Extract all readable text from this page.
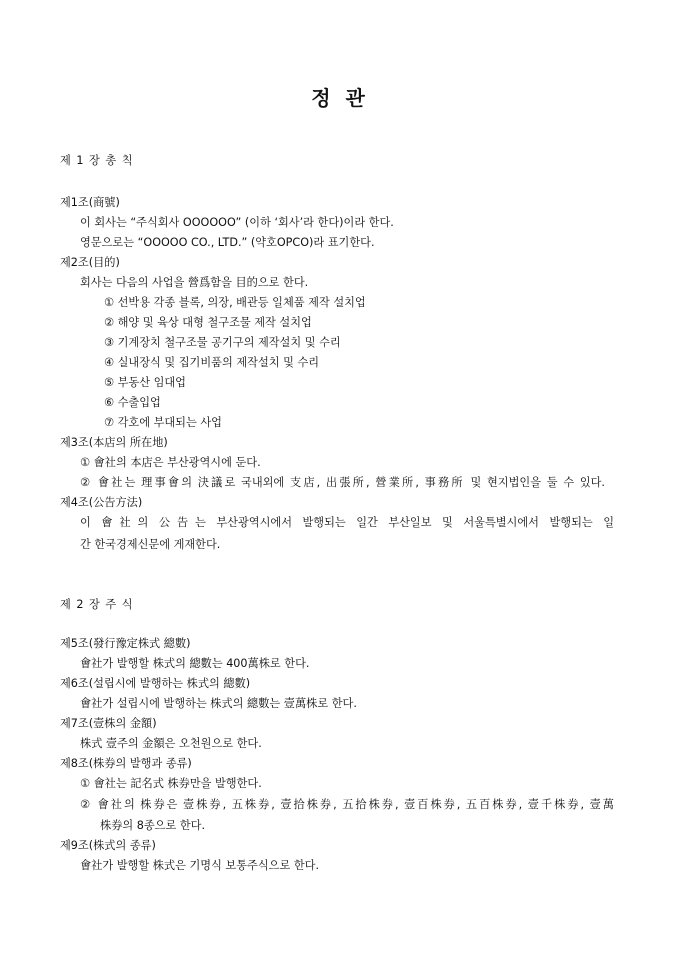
정 관
제 1 장 총 칙
제1조(商號)
이 회사는 “주식회사 OOOOOO” (이하 ‘회사’라 한다)이라 한다.
영문으로는 “OOOOO CO., LTD.” (약호OPCO)라 표기한다.
제2조(目的)
회사는 다음의 사업을 營爲함을 目的으로 한다.
① 선박용 각종 블록, 의장, 배관등 일체품 제작 설치업
② 해양 및 육상 대형 철구조물 제작 설치업
③ 기계장치 철구조물 공기구의 제작설치 및 수리
④ 실내장식 및 집기비품의 제작설치 및 수리
⑤ 부동산 임대업
⑥ 수출입업
⑦ 각호에 부대되는 사업
제3조(本店의 所在地)
① 會社의 本店은 부산광역시에 둔다.
② 會社는 理事會의 決議로 국내외에 支店, 出張所, 營業所, 事務所 및 현지법인을 둘 수 있다.
제4조(公告方法)
이 會社의 公告는 부산광역시에서 발행되는 일간 부산일보 및 서울특별시에서 발행되는 일
간 한국경제신문에 게재한다.
제 2 장 주 식
제5조(發行豫定株式 總數)
會社가 발행할 株式의 總數는 400萬株로 한다.
제6조(설립시에 발행하는 株式의 總數)
會社가 설립시에 발행하는 株式의 總數는 壹萬株로 한다.
제7조(壹株의 金額)
株式 壹주의 金額은 오천원으로 한다.
제8조(株券의 발행과 종류)
① 會社는 記名式 株券만을 발행한다.
② 會社의 株券은 壹株券, 五株券, 壹拾株券, 五拾株券, 壹百株券, 五百株券, 壹千株券, 壹萬
株券의 8종으로 한다.
제9조(株式의 종류)
會社가 발행할 株式은 기명식 보통주식으로 한다.
